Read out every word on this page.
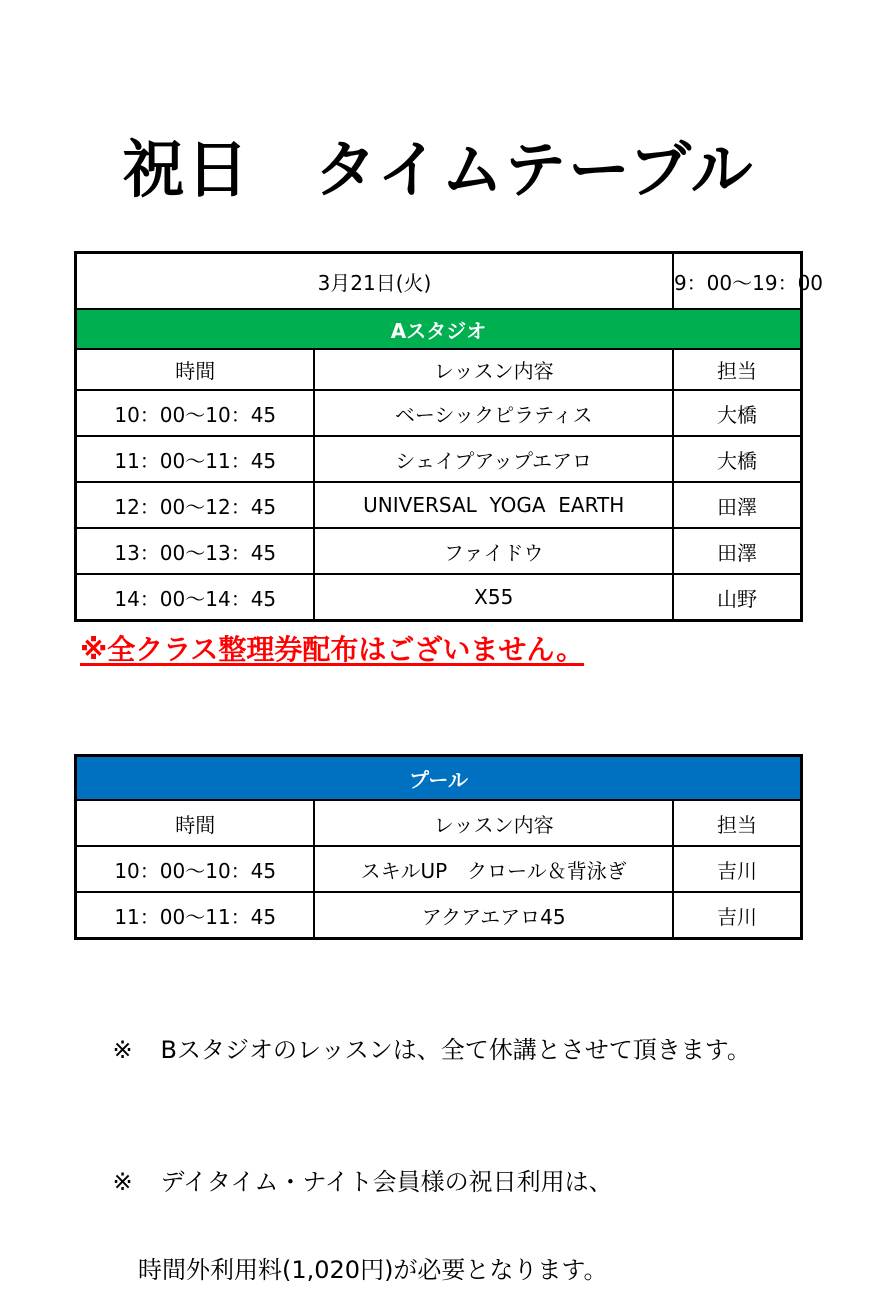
祝日　タイムテーブル
3月21日(火)		9：00〜19：00
Aスタジオ		
時間	レッスン内容	担当
10：00〜10：45	ベーシックピラティス	大橋
11：00〜11：45	シェイプアップエアロ	大橋
12：00〜12：45	UNIVERSAL  YOGA  EARTH	田澤
13：00〜13：45	ファイドウ	田澤
14：00〜14：45	X55	山野
※全クラス整理券配布はございません。
プール		
時間	レッスン内容	担当
10：00〜10：45	スキルUP　クロール＆背泳ぎ	吉川
11：00〜11：45	アクアエアロ45	吉川

※ Bスタジオのレッスンは、全て休講とさせて頂きます。

※ デイタイム・ナイト会員様の祝日利用は、

時間外利用料(1,020円)が必要となります。
